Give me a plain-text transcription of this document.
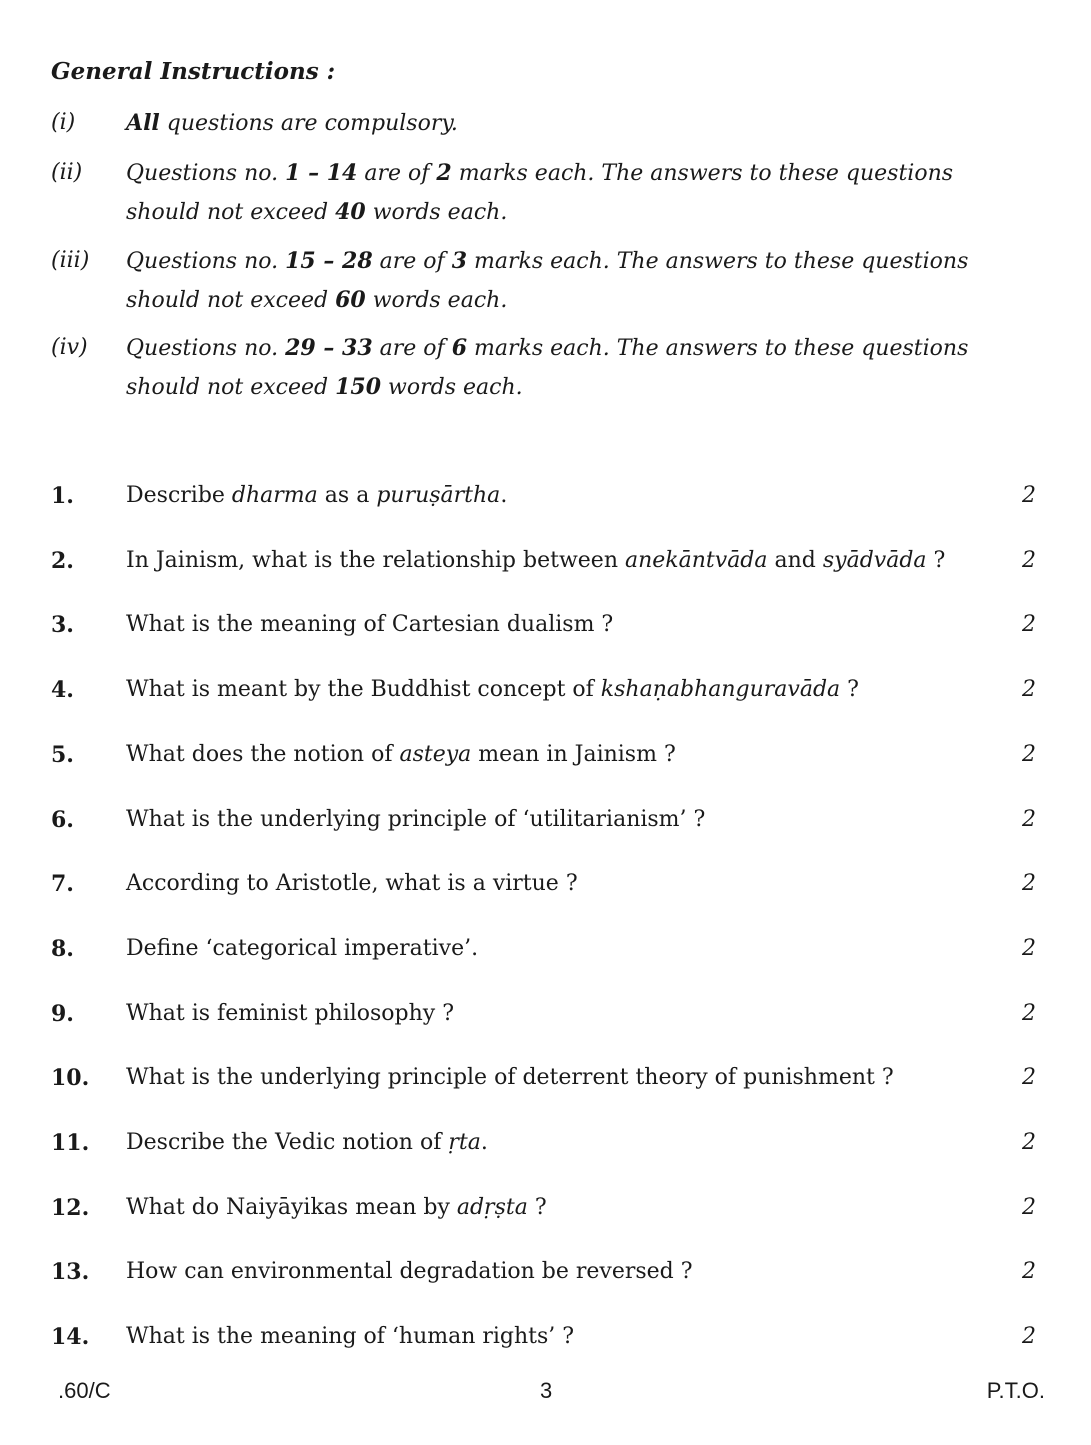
General Instructions :
(i) All questions are compulsory.
(ii) Questions no. 1 – 14 are of 2 marks each. The answers to these questions should not exceed 40 words each.
(iii) Questions no. 15 – 28 are of 3 marks each. The answers to these questions should not exceed 60 words each.
(iv) Questions no. 29 – 33 are of 6 marks each. The answers to these questions should not exceed 150 words each.
1. Describe dharma as a puruṣārtha.	2
2. In Jainism, what is the relationship between anekāntvāda and syādvāda ?	2
3. What is the meaning of Cartesian dualism ?	2
4. What is meant by the Buddhist concept of kshaṇabhanguravāda ?	2
5. What does the notion of asteya mean in Jainism ?	2
6. What is the underlying principle of ‘utilitarianism’ ?	2
7. According to Aristotle, what is a virtue ?	2
8. Define ‘categorical imperative’.	2
9. What is feminist philosophy ?	2
10. What is the underlying principle of deterrent theory of punishment ?	2
11. Describe the Vedic notion of ṛta.	2
12. What do Naiyāyikas mean by adṛṣta ?	2
13. How can environmental degradation be reversed ?	2
14. What is the meaning of ‘human rights’ ?	2
.60/C	3	P.T.O.
